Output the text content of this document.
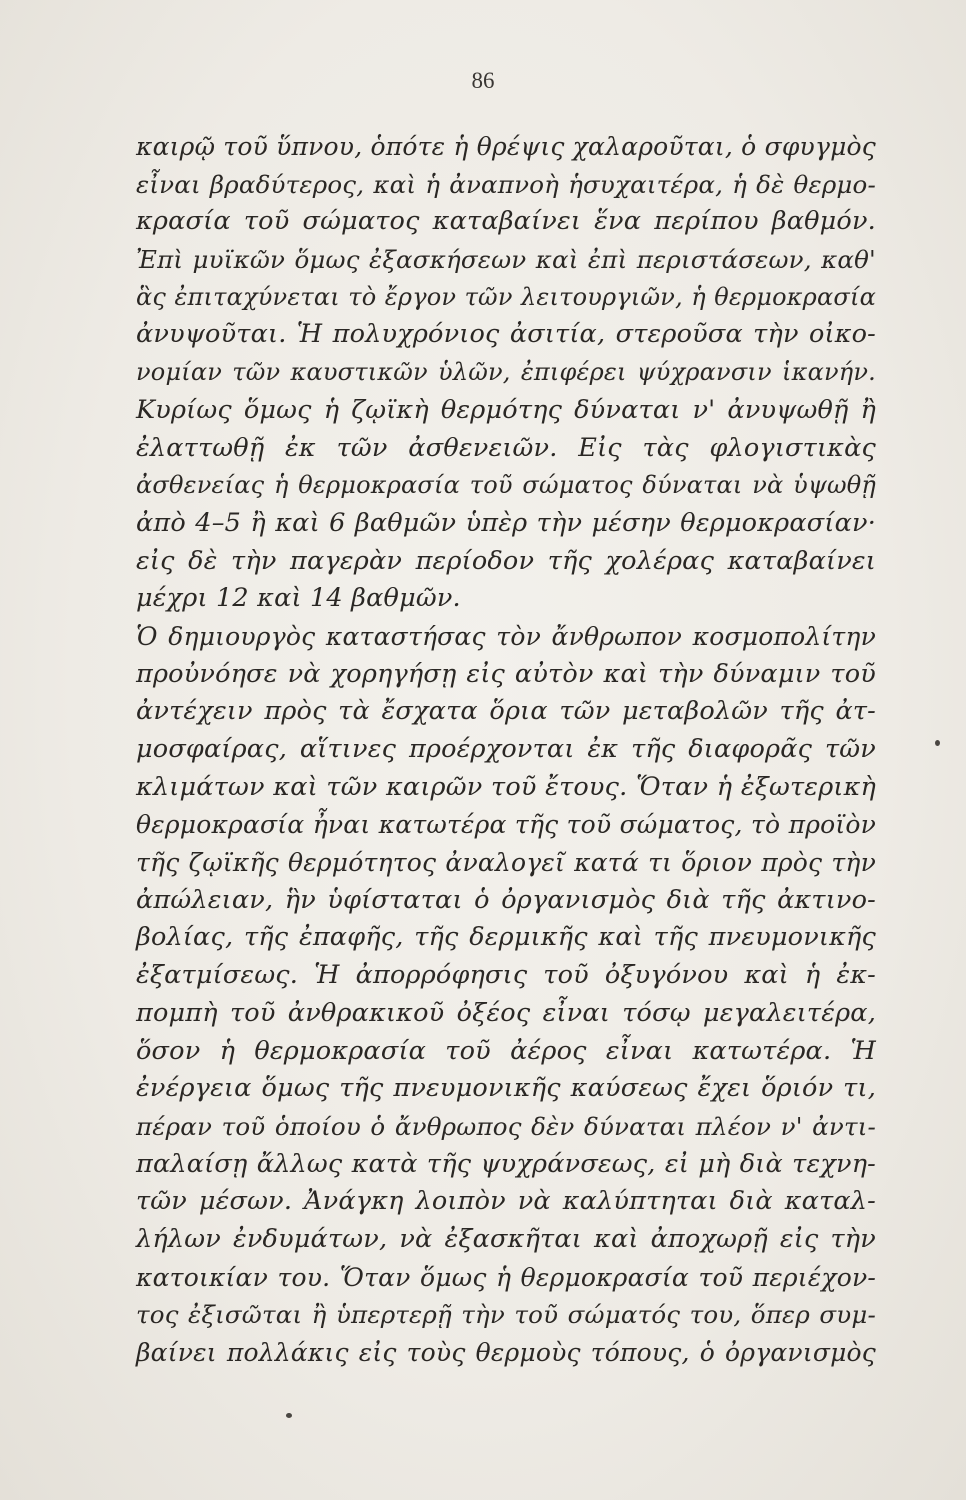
86
καιρῷ τοῦ ὕπνου, ὁπότε ἡ θρέψις χαλαροῦται, ὁ σφυγμὸς
εἶναι βραδύτερος, καὶ ἡ ἀναπνοὴ ἡσυχαιτέρα, ἡ δὲ θερμο-
κρασία τοῦ σώματος καταβαίνει ἕνα περίπου βαθμόν.
Ἐπὶ μυϊκῶν ὅμως ἐξασκήσεων καὶ ἐπὶ περιστάσεων, καθ'
ἃς ἐπιταχύνεται τὸ ἔργον τῶν λειτουργιῶν, ἡ θερμοκρασία
ἀνυψοῦται. Ἡ πολυχρόνιος ἀσιτία, στεροῦσα τὴν οἰκο-
νομίαν τῶν καυστικῶν ὑλῶν, ἐπιφέρει ψύχρανσιν ἱκανήν.
Κυρίως ὅμως ἡ ζῳϊκὴ θερμότης δύναται ν' ἀνυψωθῇ ἢ
ἐλαττωθῇ ἐκ τῶν ἀσθενειῶν. Εἰς τὰς φλογιστικὰς
ἀσθενείας ἡ θερμοκρασία τοῦ σώματος δύναται νὰ ὑψωθῇ
ἀπὸ 4–5 ἢ καὶ 6 βαθμῶν ὑπὲρ τὴν μέσην θερμοκρασίαν·
εἰς δὲ τὴν παγερὰν περίοδον τῆς χολέρας καταβαίνει
μέχρι 12 καὶ 14 βαθμῶν.
Ὁ δημιουργὸς καταστήσας τὸν ἄνθρωπον κοσμοπολίτην
προὐνόησε νὰ χορηγήσῃ εἰς αὐτὸν καὶ τὴν δύναμιν τοῦ
ἀντέχειν πρὸς τὰ ἔσχατα ὅρια τῶν μεταβολῶν τῆς ἀτ-
μοσφαίρας, αἵτινες προέρχονται ἐκ τῆς διαφορᾶς τῶν
κλιμάτων καὶ τῶν καιρῶν τοῦ ἔτους. Ὅταν ἡ ἐξωτερικὴ
θερμοκρασία ἦναι κατωτέρα τῆς τοῦ σώματος, τὸ προϊὸν
τῆς ζῳϊκῆς θερμότητος ἀναλογεῖ κατά τι ὅριον πρὸς τὴν
ἀπώλειαν, ἣν ὑφίσταται ὁ ὀργανισμὸς διὰ τῆς ἀκτινο-
βολίας, τῆς ἐπαφῆς, τῆς δερμικῆς καὶ τῆς πνευμονικῆς
ἐξατμίσεως. Ἡ ἀπορρόφησις τοῦ ὀξυγόνου καὶ ἡ ἐκ-
πομπὴ τοῦ ἀνθρακικοῦ ὀξέος εἶναι τόσῳ μεγαλειτέρα,
ὅσον ἡ θερμοκρασία τοῦ ἀέρος εἶναι κατωτέρα. Ἡ
ἐνέργεια ὅμως τῆς πνευμονικῆς καύσεως ἔχει ὅριόν τι,
πέραν τοῦ ὁποίου ὁ ἄνθρωπος δὲν δύναται πλέον ν' ἀντι-
παλαίσῃ ἄλλως κατὰ τῆς ψυχράνσεως, εἰ μὴ διὰ τεχνη-
τῶν μέσων. Ἀνάγκη λοιπὸν νὰ καλύπτηται διὰ καταλ-
λήλων ἐνδυμάτων, νὰ ἐξασκῆται καὶ ἀποχωρῇ εἰς τὴν
κατοικίαν του. Ὅταν ὅμως ἡ θερμοκρασία τοῦ περιέχον-
τος ἐξισῶται ἢ ὑπερτερῇ τὴν τοῦ σώματός του, ὅπερ συμ-
βαίνει πολλάκις εἰς τοὺς θερμοὺς τόπους, ὁ ὀργανισμὸς
